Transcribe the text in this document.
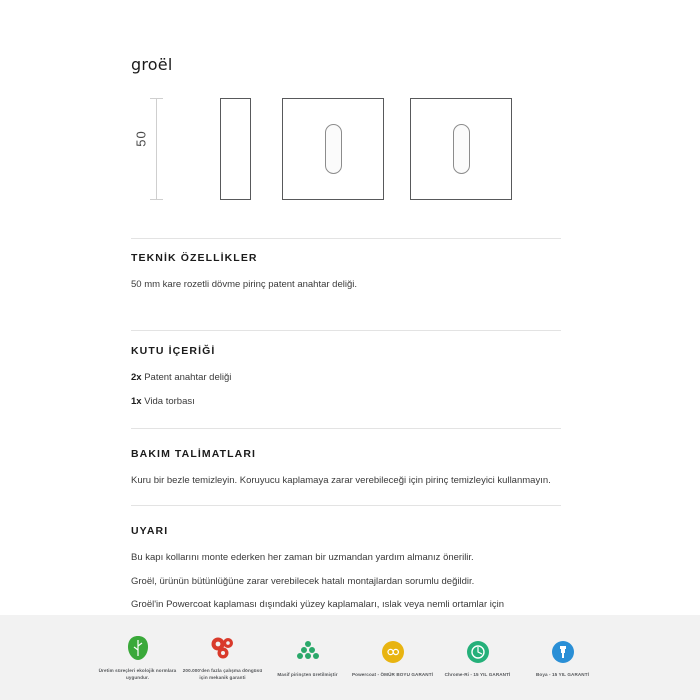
groël
50
TEKNİK ÖZELLİKLER

50 mm kare rozetli dövme pirinç patent anahtar deliği.

KUTU İÇERİĞİ

2x Patent anahtar deliği

1x Vida torbası

BAKIM TALİMATLARI

Kuru bir bezle temizleyin. Koruyucu kaplamaya zarar verebileceği için pirinç temizleyici kullanmayın.

UYARI

Bu kapı kollarını monte ederken her zaman bir uzmandan yardım almanız önerilir.

Groël, ürünün bütünlüğüne zarar verebilecek hatalı montajlardan sorumlu değildir.

Groël'in Powercoat kaplaması dışındaki yüzey kaplamaları, ıslak veya nemli ortamlar için

Üretim süreçleri ekolojik normlara uygundur.
200.000'den fazla çalışma döngüsü için mekanik garanti
Masif pirinçten üretilmiştir	Powercoat - ÖMÜR BOYU GARANTİ	Chrome-Ri - 15 YIL GARANTİ	Boya - 15 YIL GARANTİ
